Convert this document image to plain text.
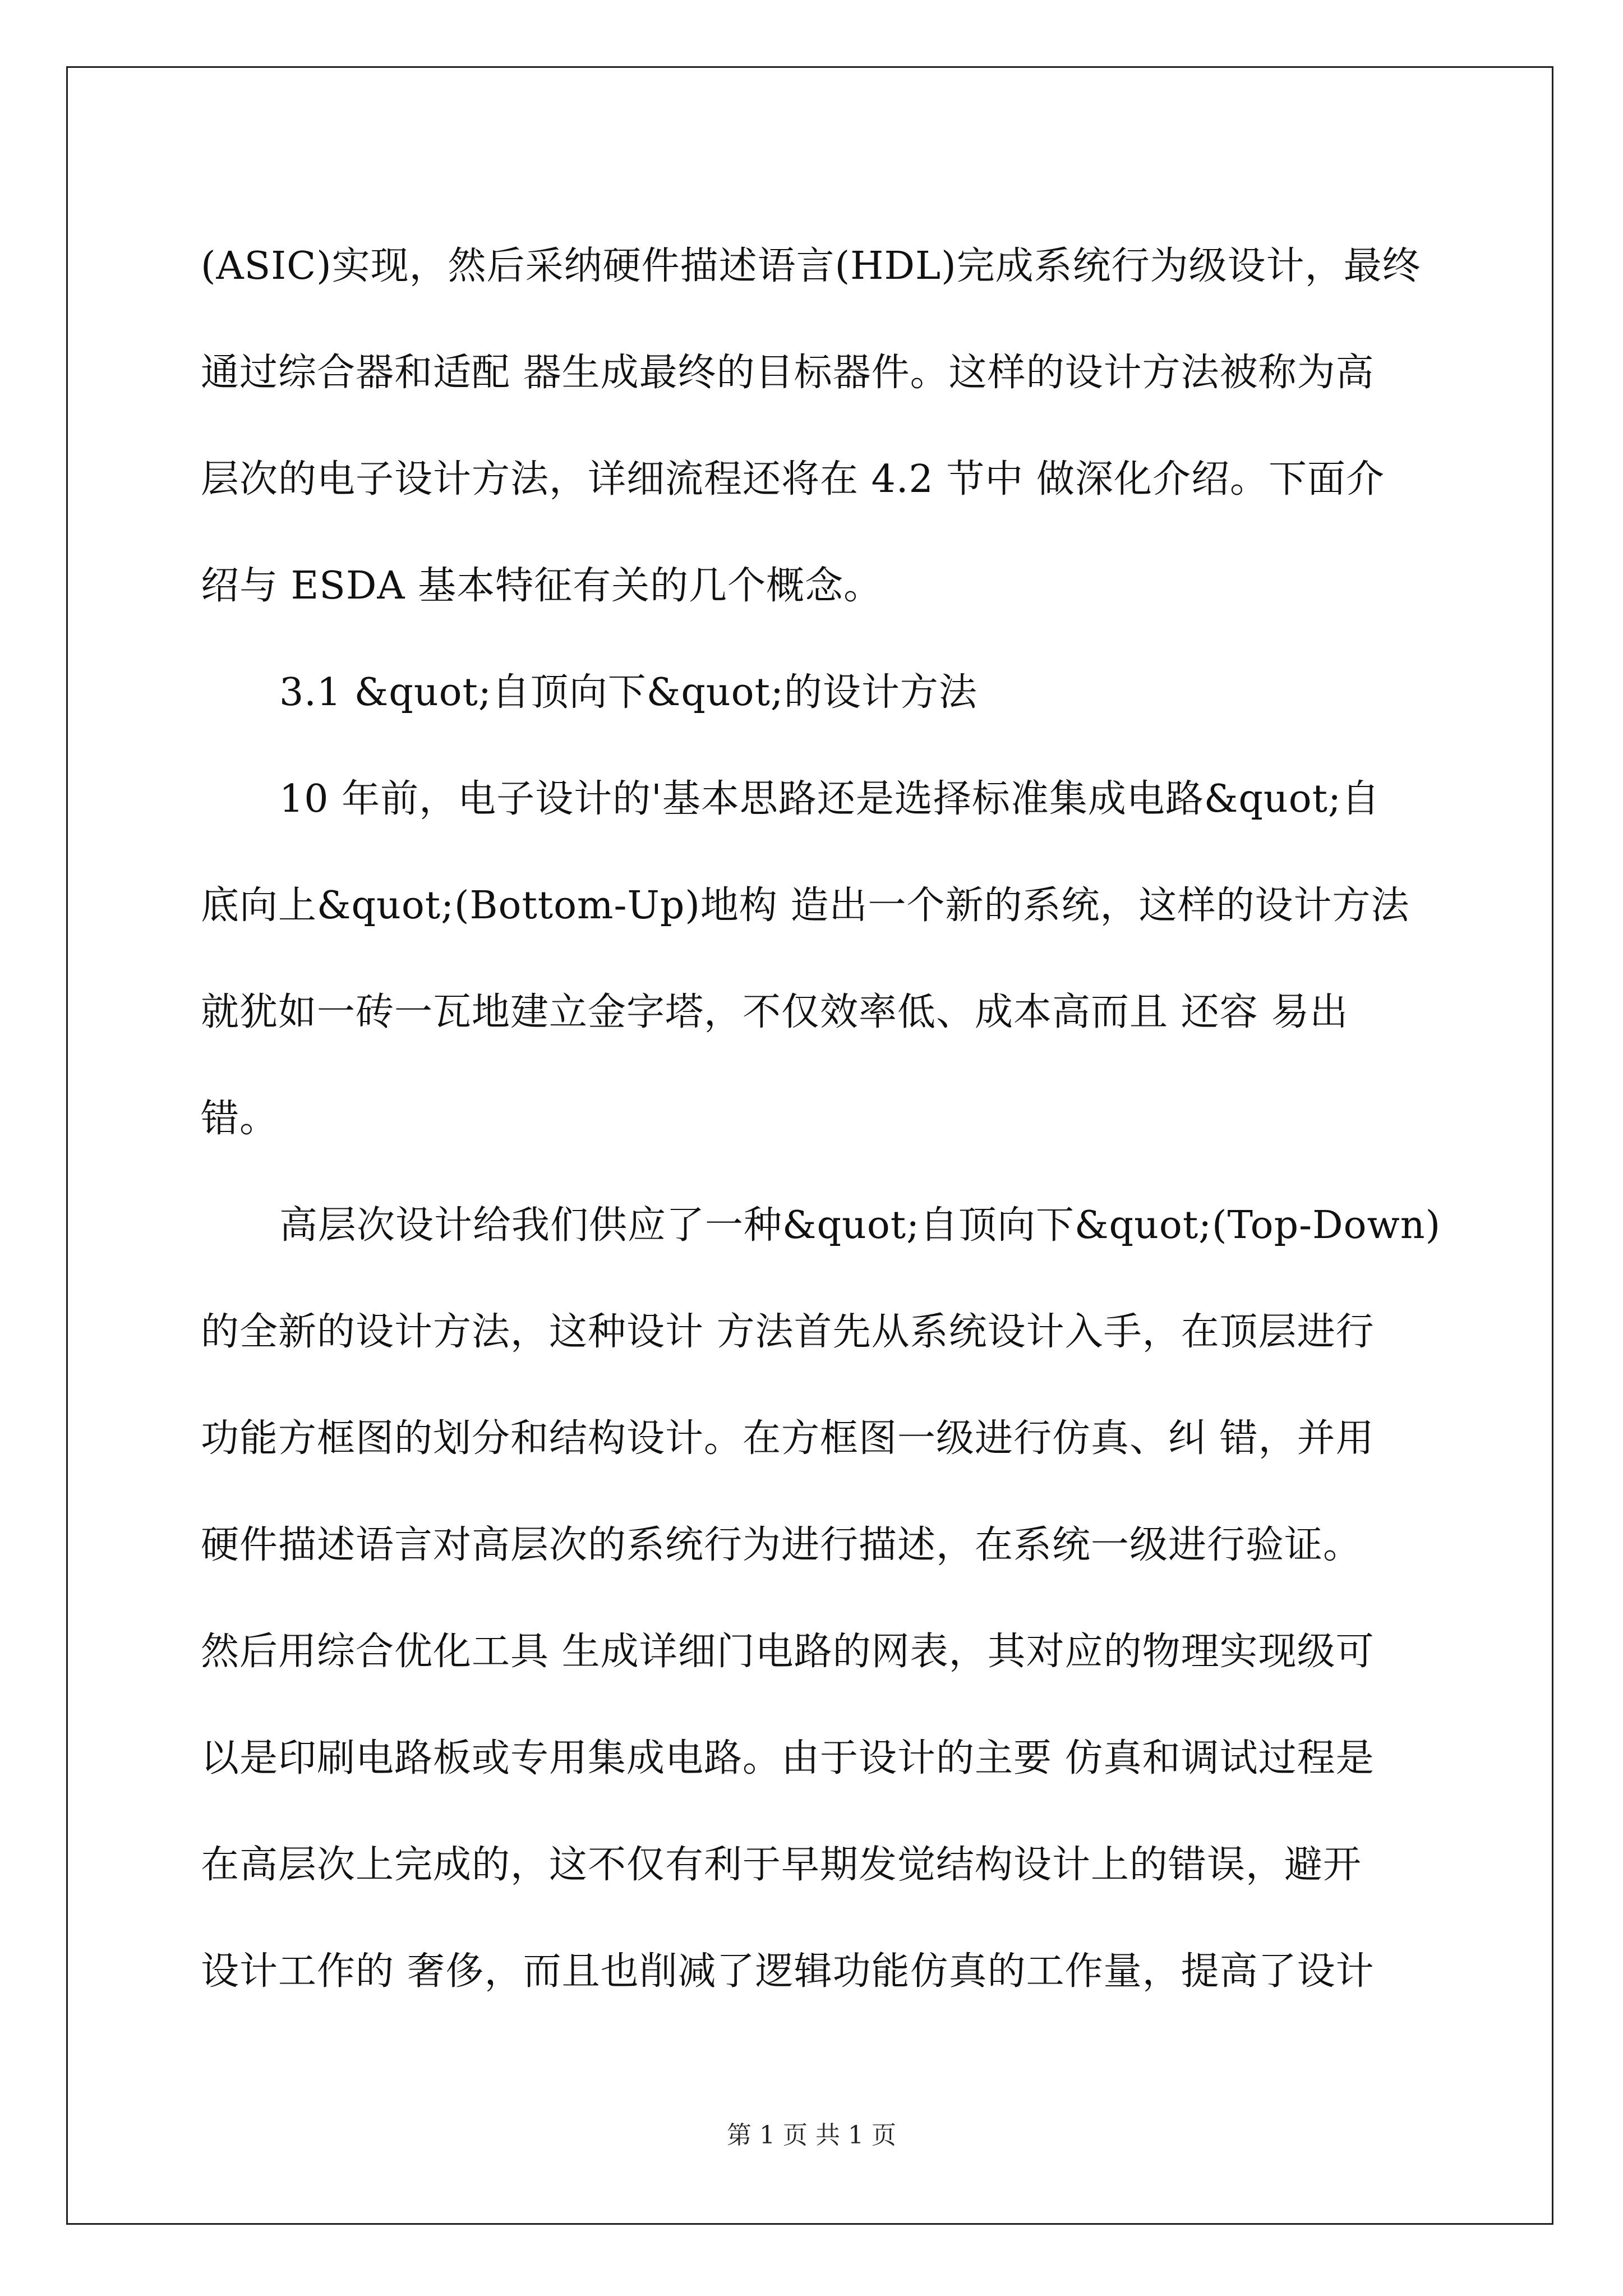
(ASIC)实现，然后采纳硬件描述语言(HDL)完成系统行为级设计，最终
通过综合器和适配 器生成最终的目标器件。这样的设计方法被称为高
层次的电子设计方法，详细流程还将在 4.2 节中 做深化介绍。下面介
绍与 ESDA 基本特征有关的几个概念。
3.1 &quot;自顶向下&quot;的设计方法
10 年前，电子设计的'基本思路还是选择标准集成电路&quot;自
底向上&quot;(Bottom-Up)地构 造出一个新的系统，这样的设计方法
就犹如一砖一瓦地建立金字塔，不仅效率低、成本高而且 还容 易出
错。
高层次设计给我们供应了一种&quot;自顶向下&quot;(Top-Down)
的全新的设计方法，这种设计 方法首先从系统设计入手，在顶层进行
功能方框图的划分和结构设计。在方框图一级进行仿真、纠 错，并用
硬件描述语言对高层次的系统行为进行描述，在系统一级进行验证。
然后用综合优化工具 生成详细门电路的网表，其对应的物理实现级可
以是印刷电路板或专用集成电路。由于设计的主要 仿真和调试过程是
在高层次上完成的，这不仅有利于早期发觉结构设计上的错误，避开
设计工作的 奢侈，而且也削减了逻辑功能仿真的工作量，提高了设计
第 1 页 共 1 页
